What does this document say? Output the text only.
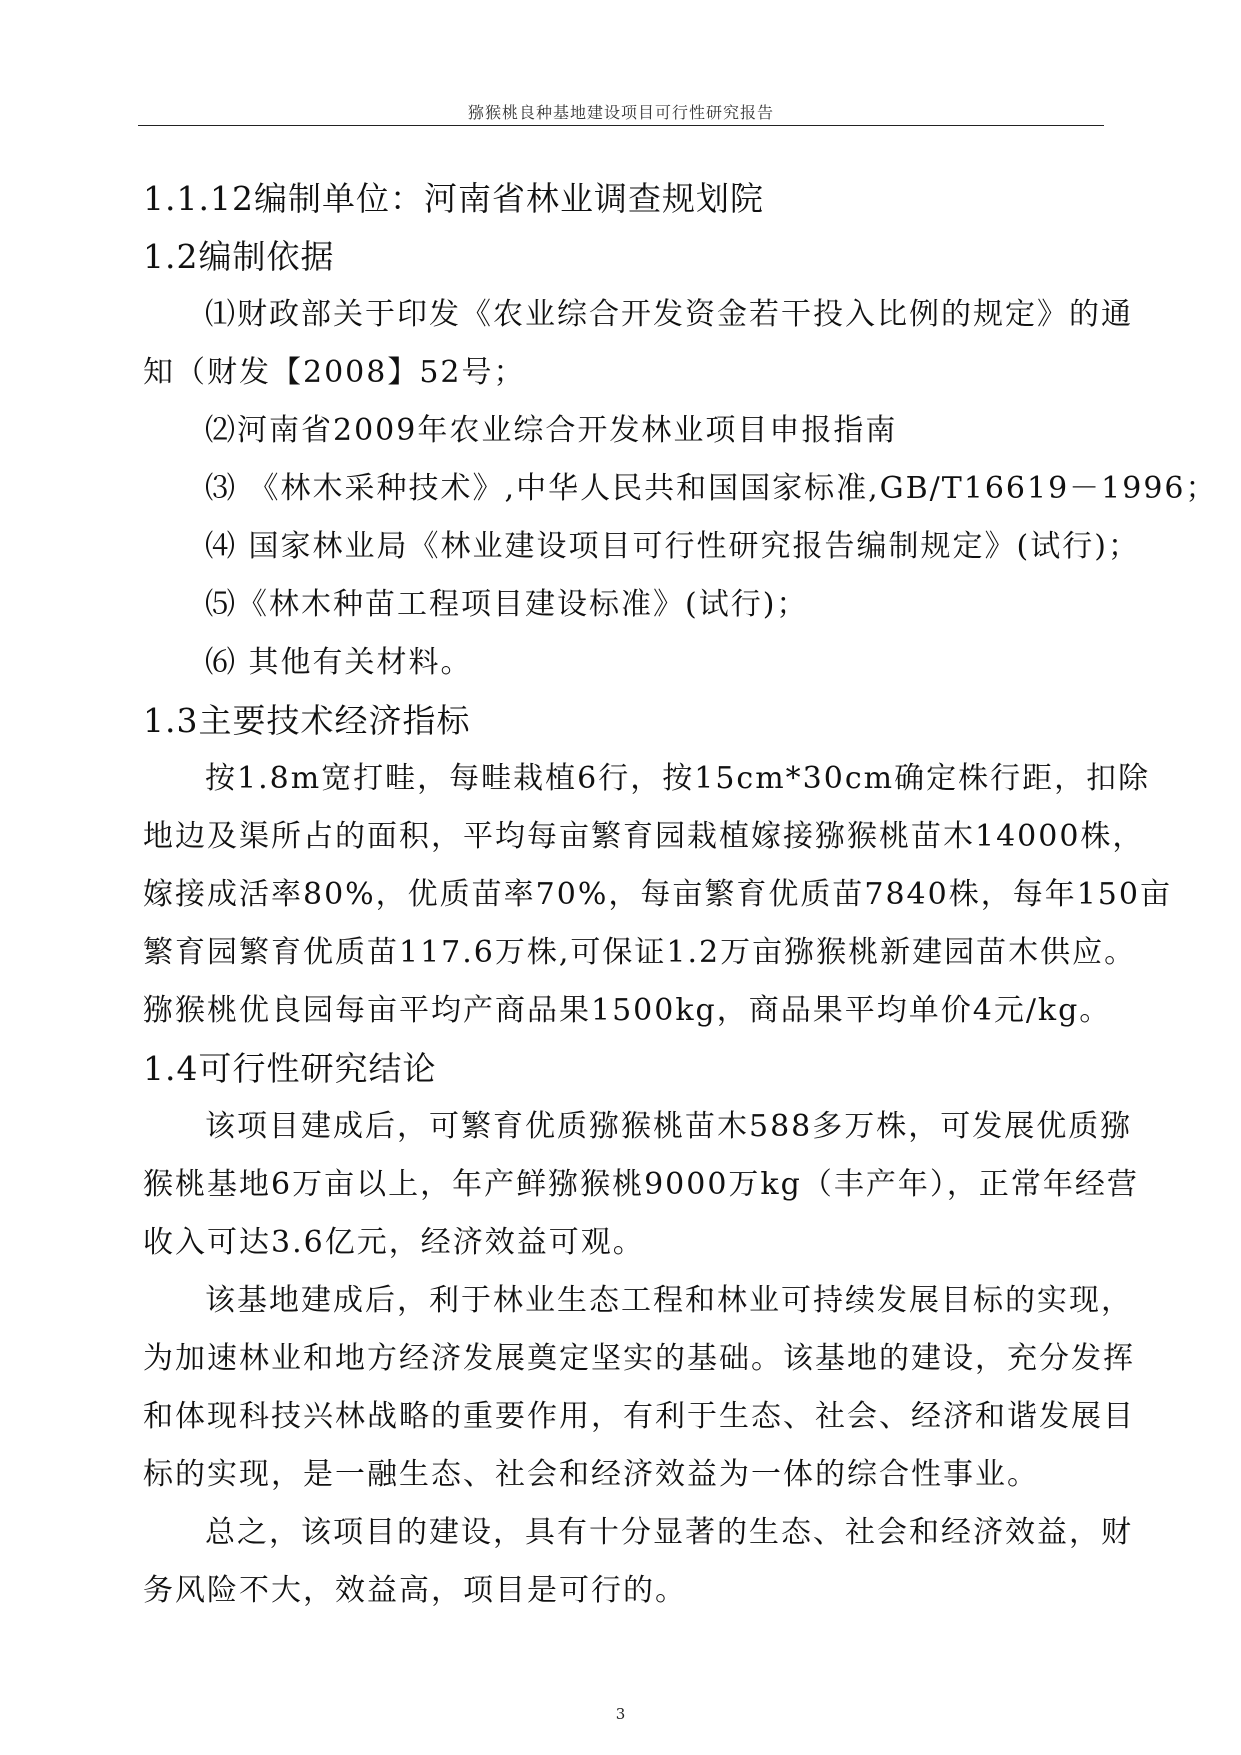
猕猴桃良种基地建设项目可行性研究报告
1.1.12编制单位：河南省林业调查规划院
1.2编制依据
⑴财政部关于印发《农业综合开发资金若干投入比例的规定》的通
知（财发【2008】52号；
⑵河南省2009年农业综合开发林业项目申报指南
⑶ 《林木采种技术》,中华人民共和国国家标准,GB/T16619－1996；
⑷ 国家林业局《林业建设项目可行性研究报告编制规定》(试行)；
⑸《林木种苗工程项目建设标准》(试行)；
⑹ 其他有关材料。
1.3主要技术经济指标
按1.8m宽打畦，每畦栽植6行，按15cm*30cm确定株行距，扣除
地边及渠所占的面积，平均每亩繁育园栽植嫁接猕猴桃苗木14000株，
嫁接成活率80%，优质苗率70%，每亩繁育优质苗7840株，每年150亩
繁育园繁育优质苗117.6万株,可保证1.2万亩猕猴桃新建园苗木供应。
猕猴桃优良园每亩平均产商品果1500kg，商品果平均单价4元/kg。
1.4可行性研究结论
该项目建成后，可繁育优质猕猴桃苗木588多万株，可发展优质猕
猴桃基地6万亩以上，年产鲜猕猴桃9000万kg（丰产年），正常年经营
收入可达3.6亿元，经济效益可观。
该基地建成后，利于林业生态工程和林业可持续发展目标的实现，
为加速林业和地方经济发展奠定坚实的基础。该基地的建设，充分发挥
和体现科技兴林战略的重要作用，有利于生态、社会、经济和谐发展目
标的实现，是一融生态、社会和经济效益为一体的综合性事业。
总之，该项目的建设，具有十分显著的生态、社会和经济效益，财
务风险不大，效益高，项目是可行的。
3
